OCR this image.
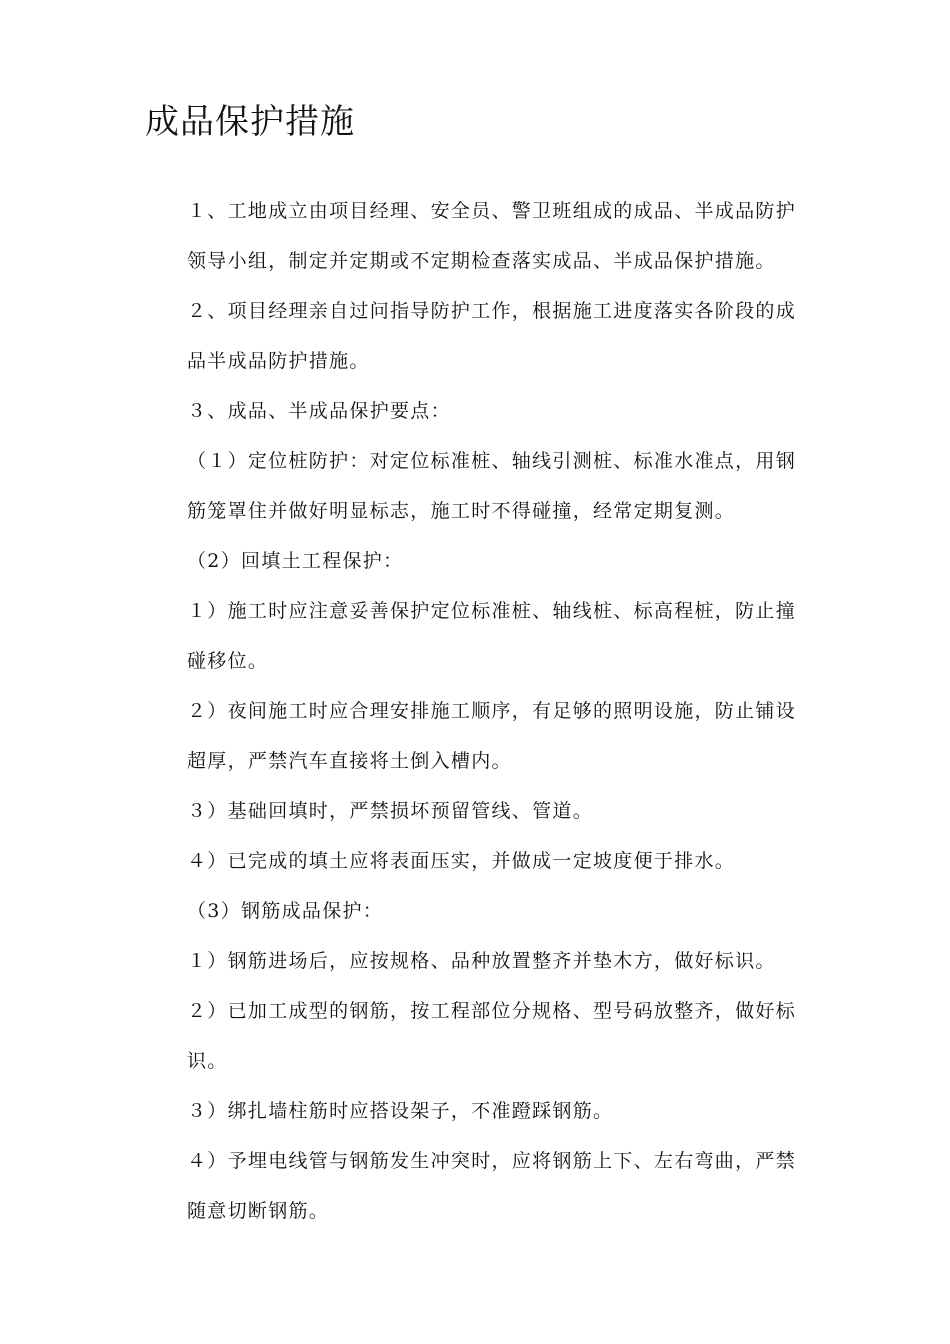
成品保护措施
１、工地成立由项目经理、安全员、警卫班组成的成品、半成品防护
领导小组，制定并定期或不定期检查落实成品、半成品保护措施。
２、项目经理亲自过问指导防护工作，根据施工进度落实各阶段的成
品半成品防护措施。
３、成品、半成品保护要点：
（１）定位桩防护：对定位标准桩、轴线引测桩、标准水准点，用钢
筋笼罩住并做好明显标志，施工时不得碰撞，经常定期复测。
（2）回填土工程保护：
１）施工时应注意妥善保护定位标准桩、轴线桩、标高程桩，防止撞
碰移位。
２）夜间施工时应合理安排施工顺序，有足够的照明设施，防止铺设
超厚，严禁汽车直接将土倒入槽内。
３）基础回填时，严禁损坏预留管线、管道。
４）已完成的填土应将表面压实，并做成一定坡度便于排水。
（3）钢筋成品保护：
１）钢筋进场后，应按规格、品种放置整齐并垫木方，做好标识。
２）已加工成型的钢筋，按工程部位分规格、型号码放整齐，做好标
识。
３）绑扎墙柱筋时应搭设架子，不准蹬踩钢筋。
４）予埋电线管与钢筋发生冲突时，应将钢筋上下、左右弯曲，严禁
随意切断钢筋。
